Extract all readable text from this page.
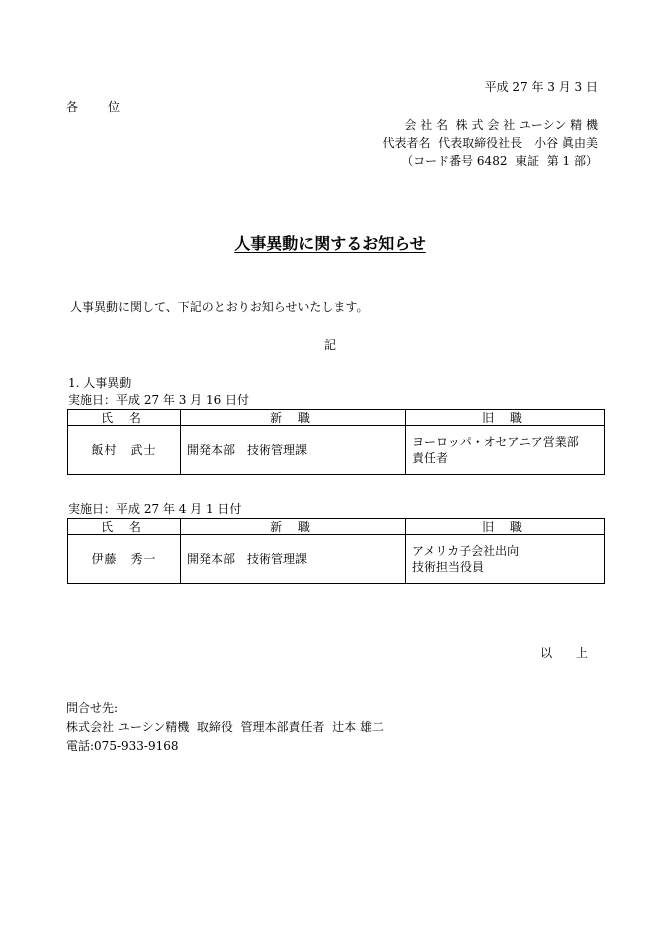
平成 27 年 3 月 3 日
各　　位
会 社 名  株 式 会 社 ユーシン 精 機
代表者名  代表取締役社長　小谷 眞由美
（コード番号 6482  東証  第 1 部）
人事異動に関するお知らせ
人事異動に関して、下記のとおりお知らせいたします。
記
1. 人事異動
実施日：平成 27 年 3 月 16 日付
氏 名	新 職	旧 職
飯村　武士	開発本部　技術管理課	ヨーロッパ・オセアニア営業部
責任者
実施日：平成 27 年 4 月 1 日付
氏 名	新 職	旧 職
伊藤　秀一	開発本部　技術管理課	アメリカ子会社出向
技術担当役員
以 上
問合せ先:
株式会社 ユーシン精機  取締役  管理本部責任者  辻本 雄二
電話:075-933-9168
